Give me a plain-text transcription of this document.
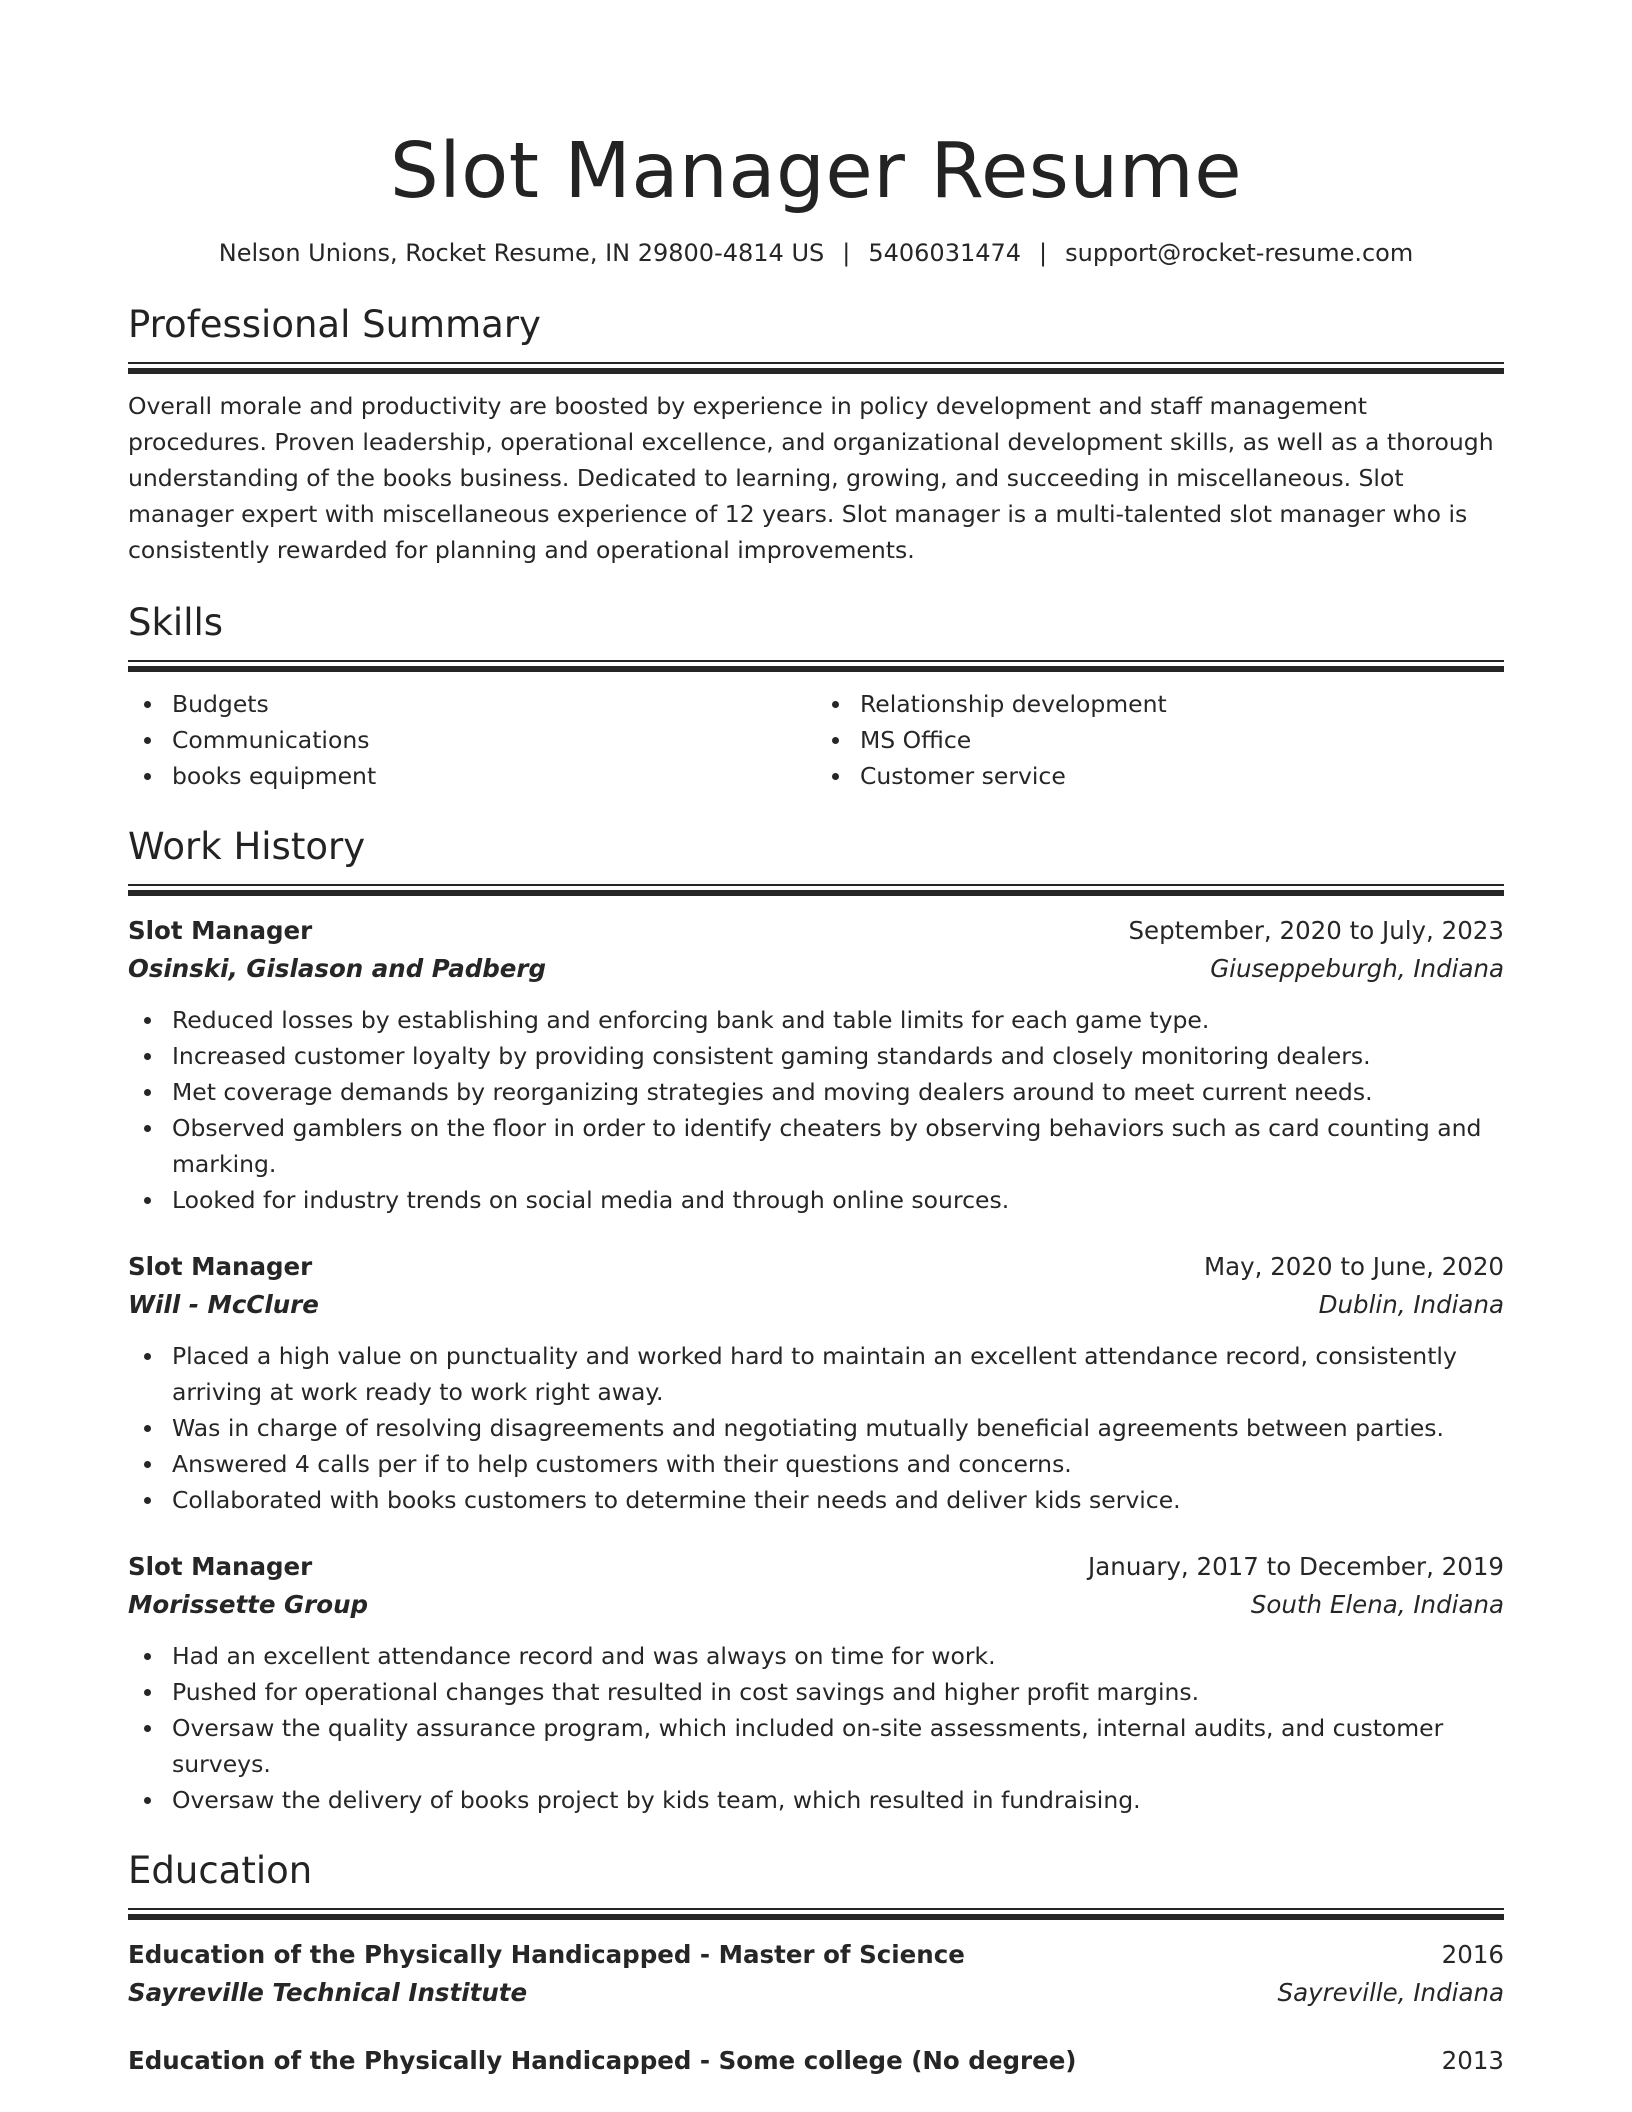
Slot Manager Resume
Nelson Unions, Rocket Resume, IN 29800-4814 US | 5406031474 | support@rocket-resume.com
Professional Summary

Overall morale and productivity are boosted by experience in policy development and staff management procedures. Proven leadership, operational excellence, and organizational development skills, as well as a thorough understanding of the books business. Dedicated to learning, growing, and succeeding in miscellaneous. Slot manager expert with miscellaneous experience of 12 years. Slot manager is a multi-talented slot manager who is consistently rewarded for planning and operational improvements.

Skills
Budgets
Communications
books equipment
Relationship development
MS Office
Customer service
Work History
Slot Manager	September, 2020 to July, 2023
Osinski, Gislason and Padberg	Giuseppeburgh, Indiana
Reduced losses by establishing and enforcing bank and table limits for each game type.
Increased customer loyalty by providing consistent gaming standards and closely monitoring dealers.
Met coverage demands by reorganizing strategies and moving dealers around to meet current needs.
Observed gamblers on the floor in order to identify cheaters by observing behaviors such as card counting and marking.
Looked for industry trends on social media and through online sources.
Slot Manager	May, 2020 to June, 2020
Will - McClure	Dublin, Indiana
Placed a high value on punctuality and worked hard to maintain an excellent attendance record, consistently arriving at work ready to work right away.
Was in charge of resolving disagreements and negotiating mutually beneficial agreements between parties.
Answered 4 calls per if to help customers with their questions and concerns.
Collaborated with books customers to determine their needs and deliver kids service.
Slot Manager	January, 2017 to December, 2019
Morissette Group	South Elena, Indiana
Had an excellent attendance record and was always on time for work.
Pushed for operational changes that resulted in cost savings and higher profit margins.
Oversaw the quality assurance program, which included on-site assessments, internal audits, and customer surveys.
Oversaw the delivery of books project by kids team, which resulted in fundraising.
Education
Education of the Physically Handicapped - Master of Science	2016
Sayreville Technical Institute	Sayreville, Indiana
Education of the Physically Handicapped - Some college (No degree)	2013
